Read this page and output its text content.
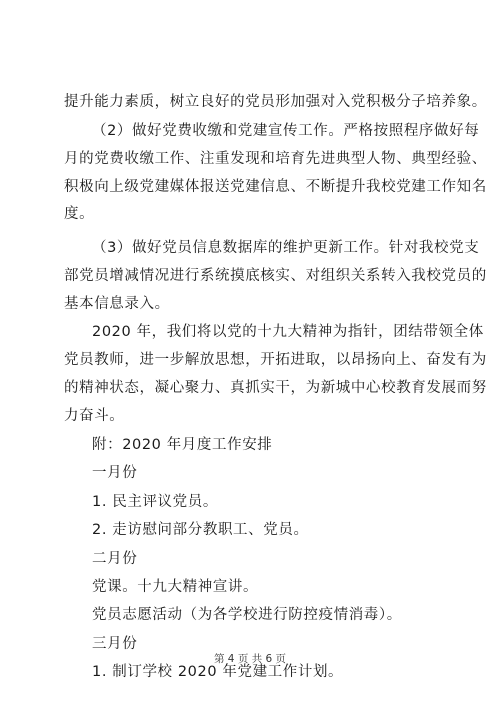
提升能力素质，树立良好的党员形加强对入党积极分子培养象。
（2）做好党费收缴和党建宣传工作。严格按照程序做好每
月的党费收缴工作、注重发现和培育先进典型人物、典型经验、
积极向上级党建媒体报送党建信息、不断提升我校党建工作知名
度。
（3）做好党员信息数据库的维护更新工作。针对我校党支
部党员增减情况进行系统摸底核实、对组织关系转入我校党员的
基本信息录入。
2020 年，我们将以党的十九大精神为指针，团结带领全体
党员教师，进一步解放思想，开拓进取，以昂扬向上、奋发有为
的精神状态，凝心聚力、真抓实干，为新城中心校教育发展而努
力奋斗。
附：2020 年月度工作安排
一月份
1. 民主评议党员。
2. 走访慰问部分教职工、党员。
二月份
党课。十九大精神宣讲。
党员志愿活动（为各学校进行防控疫情消毒）。
三月份
1. 制订学校 2020 年党建工作计划。
第 4 页 共 6 页
